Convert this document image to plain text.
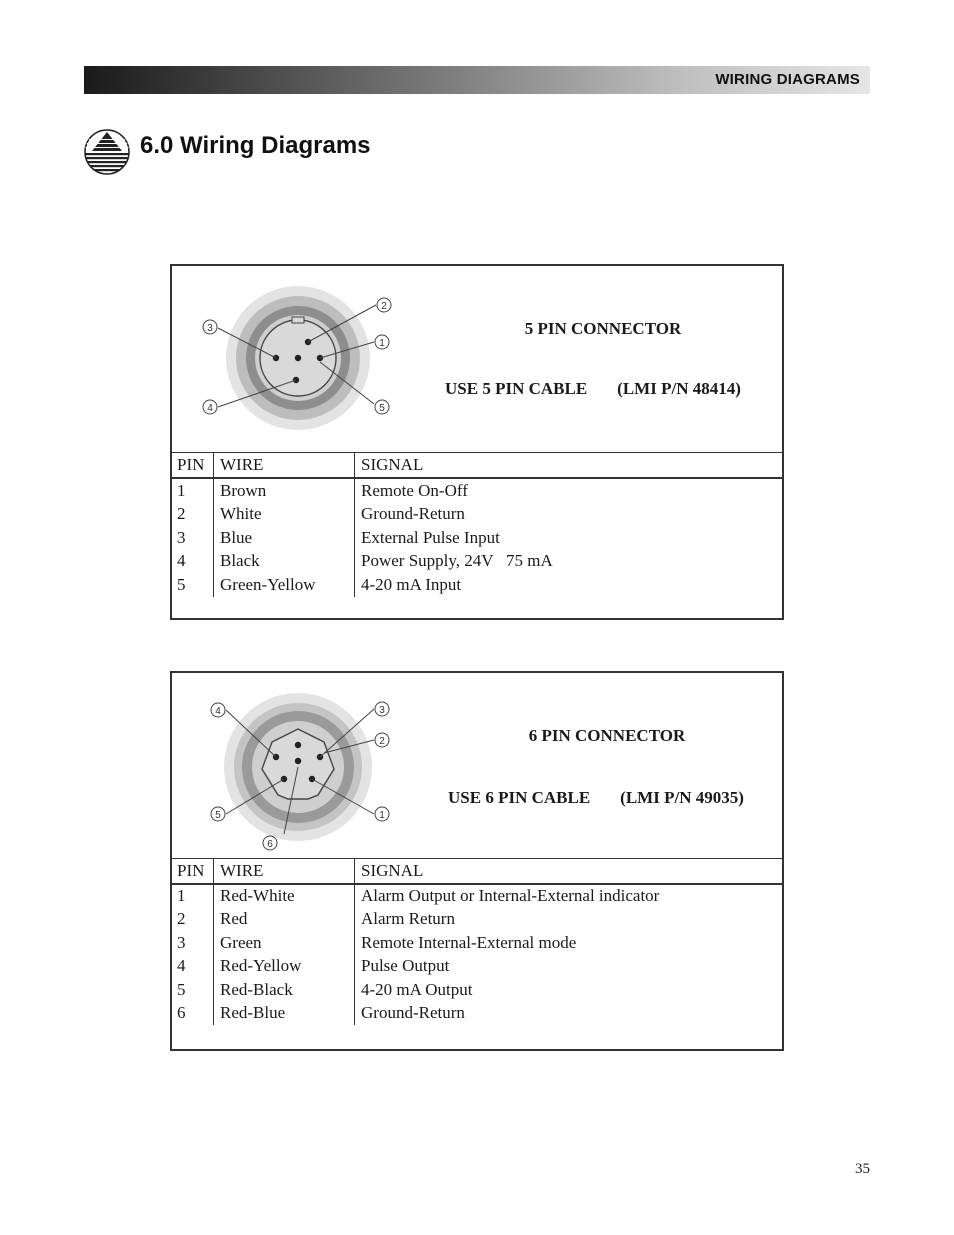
WIRING DIAGRAMS
6.0 Wiring Diagrams
2
1
3
4	5
5 PIN CONNECTOR
USE 5 PIN CABLE (LMI P/N 48414)
PIN WIRE	SIGNAL
1 Brown	Remote On-Off
2 White	Ground-Return
3 Blue	External Pulse Input
4 Black	Power Supply, 24V   75 mA
5 Green-Yellow	4-20 mA Input
3
2
4
5	1
6
6 PIN CONNECTOR
USE 6 PIN CABLE (LMI P/N 49035)
PIN WIRE	SIGNAL
1 Red-White	Alarm Output or Internal-External indicator
2 Red	Alarm Return
3 Green	Remote Internal-External mode
4 Red-Yellow	Pulse Output
5 Red-Black	4-20 mA Output
6 Red-Blue	Ground-Return
35
